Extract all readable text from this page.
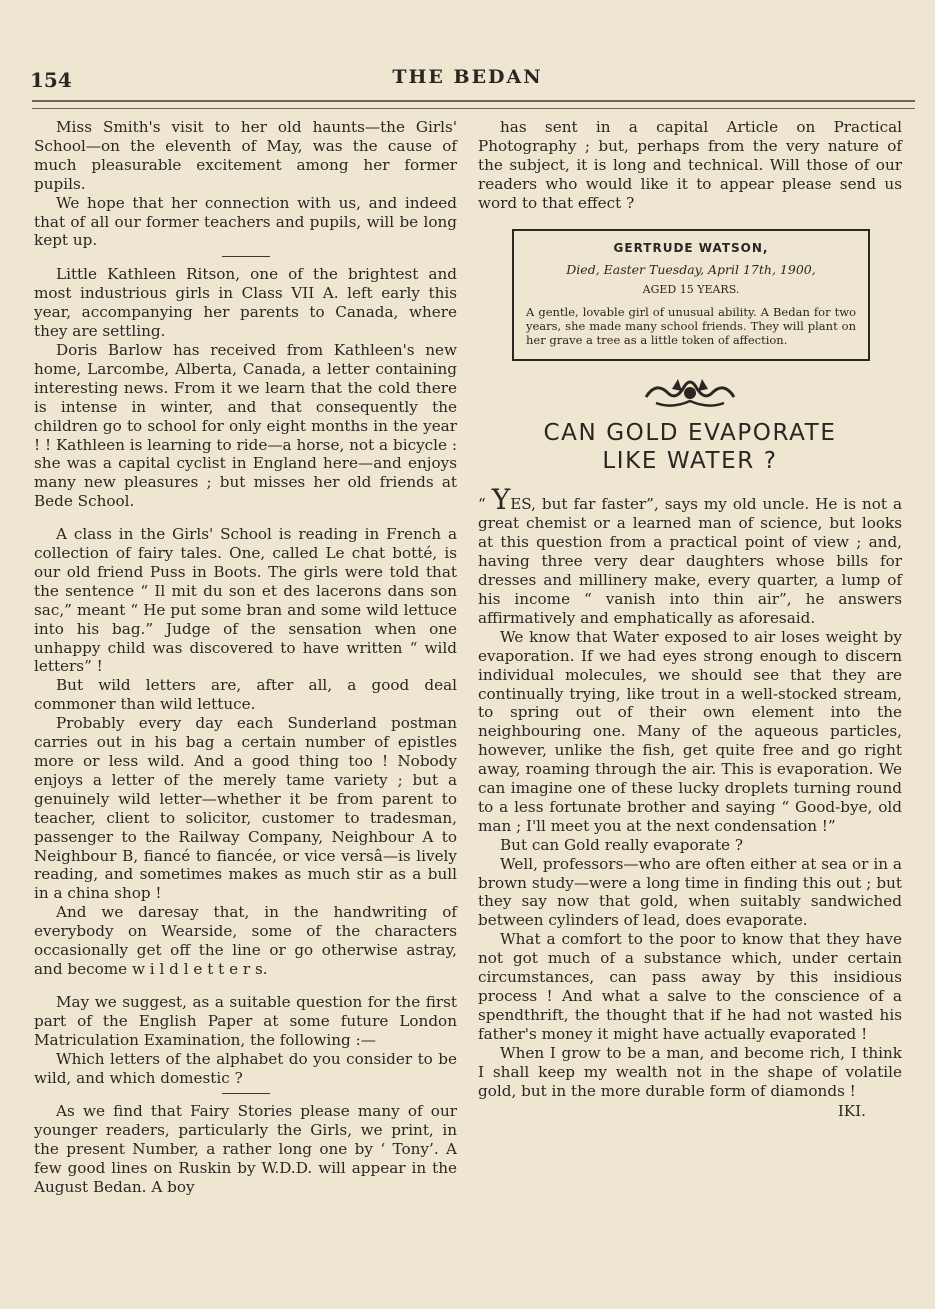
154	THE BEDAN

Miss Smith's visit to her old haunts—the Girls' School—on the eleventh of May, was the cause of much pleasurable excitement among her former pupils.

We hope that her connection with us, and indeed that of all our former teachers and pupils, will be long kept up.

Little Kathleen Ritson, one of the brightest and most industrious girls in Class VII A. left early this year, accompanying her parents to Canada, where they are settling.

Doris Barlow has received from Kathleen's new home, Larcombe, Alberta, Canada, a letter containing interesting news. From it we learn that the cold there is intense in winter, and that consequently the children go to school for only eight months in the year ! ! Kathleen is learning to ride—a horse, not a bicycle : she was a capital cyclist in England here—and enjoys many new pleasures ; but misses her old friends at Bede School.

A class in the Girls' School is reading in French a collection of fairy tales. One, called Le chat botté, is our old friend Puss in Boots. The girls were told that the sentence “ Il mit du son et des lacerons dans son sac,” meant “ He put some bran and some wild lettuce into his bag.” Judge of the sensation when one unhappy child was discovered to have written “ wild letters” !

But wild letters are, after all, a good deal commoner than wild lettuce.

Probably every day each Sunderland postman carries out in his bag a certain number of epistles more or less wild. And a good thing too ! Nobody enjoys a letter of the merely tame variety ; but a genuinely wild letter—whether it be from parent to teacher, client to solicitor, customer to tradesman, passenger to the Railway Company, Neighbour A to Neighbour B, fiancé to fiancée, or vice versâ—is lively reading, and sometimes makes as much stir as a bull in a china shop !

And we daresay that, in the handwriting of everybody on Wearside, some of the characters occasionally get off the line or go otherwise astray, and become w i l d l e t t e r s.

May we suggest, as a suitable question for the first part of the English Paper at some future London Matriculation Examination, the following :—

Which letters of the alphabet do you consider to be wild, and which domestic ?

As we find that Fairy Stories please many of our younger readers, particularly the Girls, we print, in the present Number, a rather long one by ‘ Tony’. A few good lines on Ruskin by W.D.D. will appear in the August Bedan. A boy

has sent in a capital Article on Practical Photography ; but, perhaps from the very nature of the subject, it is long and technical. Will those of our readers who would like it to appear please send us word to that effect ?

GERTRUDE WATSON,
Died, Easter Tuesday, April 17th, 1900,
AGED 15 YEARS.
A gentle, lovable girl of unusual ability. A Bedan for two years, she made many school friends. They will plant on her grave a tree as a little token of affection.
CAN GOLD EVAPORATE
LIKE WATER ?

“ YES, but far faster”, says my old uncle. He is not a great chemist or a learned man of science, but looks at this question from a practical point of view ; and, having three very dear daughters whose bills for dresses and millinery make, every quarter, a lump of his income “ vanish into thin air”, he answers affirmatively and emphatically as aforesaid.

We know that Water exposed to air loses weight by evaporation. If we had eyes strong enough to discern individual molecules, we should see that they are continually trying, like trout in a well-stocked stream, to spring out of their own element into the neighbouring one. Many of the aqueous particles, however, unlike the fish, get quite free and go right away, roaming through the air. This is evaporation. We can imagine one of these lucky droplets turning round to a less fortunate brother and saying “ Good-bye, old man ; I'll meet you at the next condensation !”

But can Gold really evaporate ?

Well, professors—who are often either at sea or in a brown study—were a long time in finding this out ; but they say now that gold, when suitably sandwiched between cylinders of lead, does evaporate.

What a comfort to the poor to know that they have not got much of a substance which, under certain circumstances, can pass away by this insidious process ! And what a salve to the conscience of a spendthrift, the thought that if he had not wasted his father's money it might have actually evaporated !

When I grow to be a man, and become rich, I think I shall keep my wealth not in the shape of volatile gold, but in the more durable form of diamonds !

IKI.
